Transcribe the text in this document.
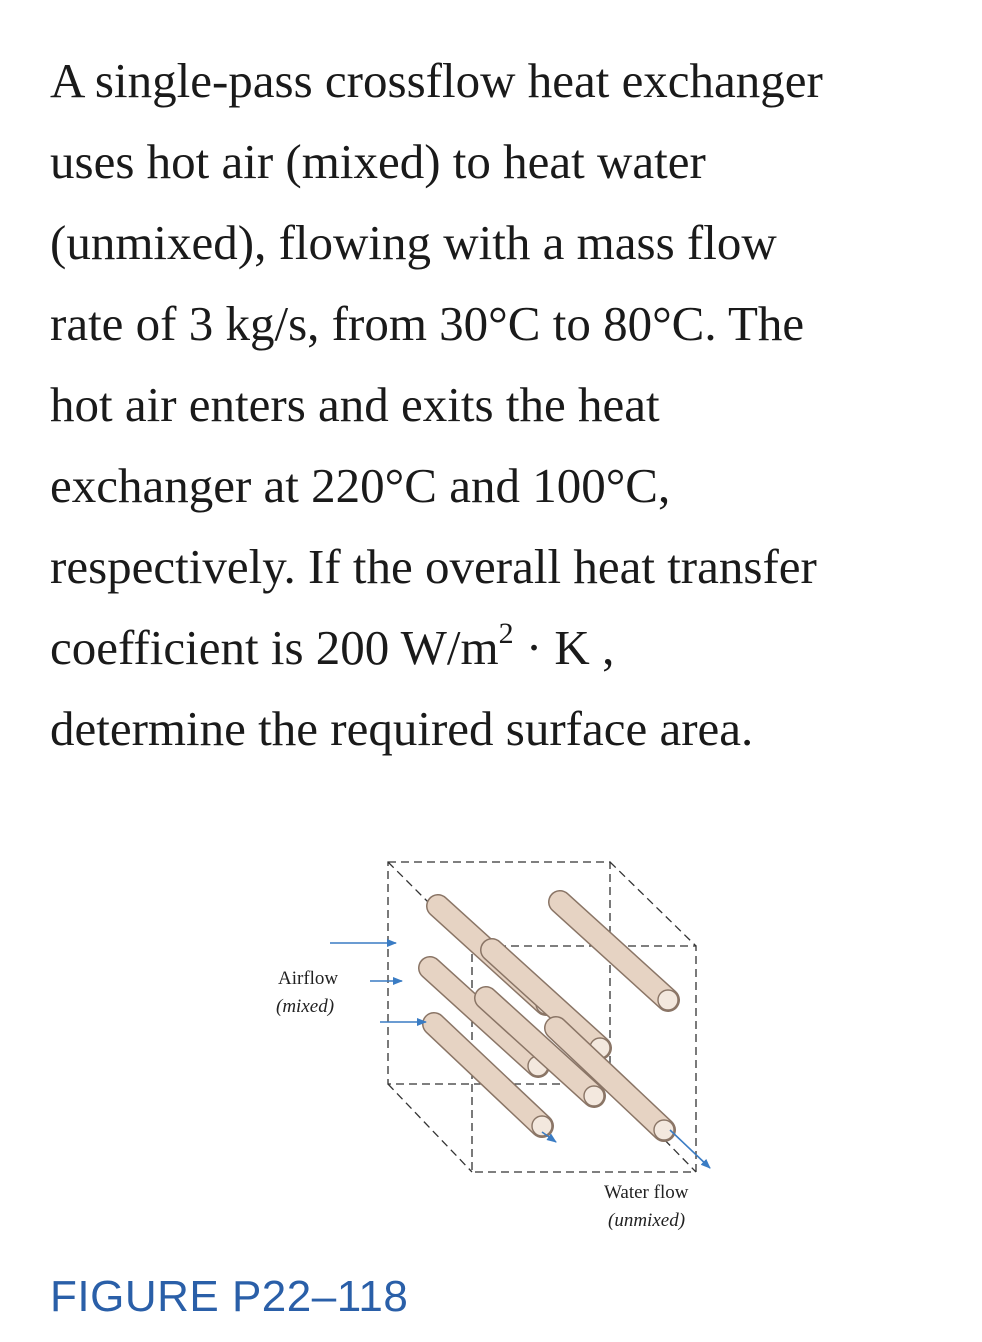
A single-pass crossflow heat exchanger
uses hot air (mixed) to heat water
(unmixed), flowing with a mass flow
rate of 3 kg/s, from 30°C to 80°C. The
hot air enters and exits the heat
exchanger at 220°C and 100°C,
respectively. If the overall heat transfer
coefficient is 200 $W/m^2 \cdot K$ ,
determine the required surface area.
Airflow
(mixed)
Water flow
(unmixed)

FIGURE P22–118
